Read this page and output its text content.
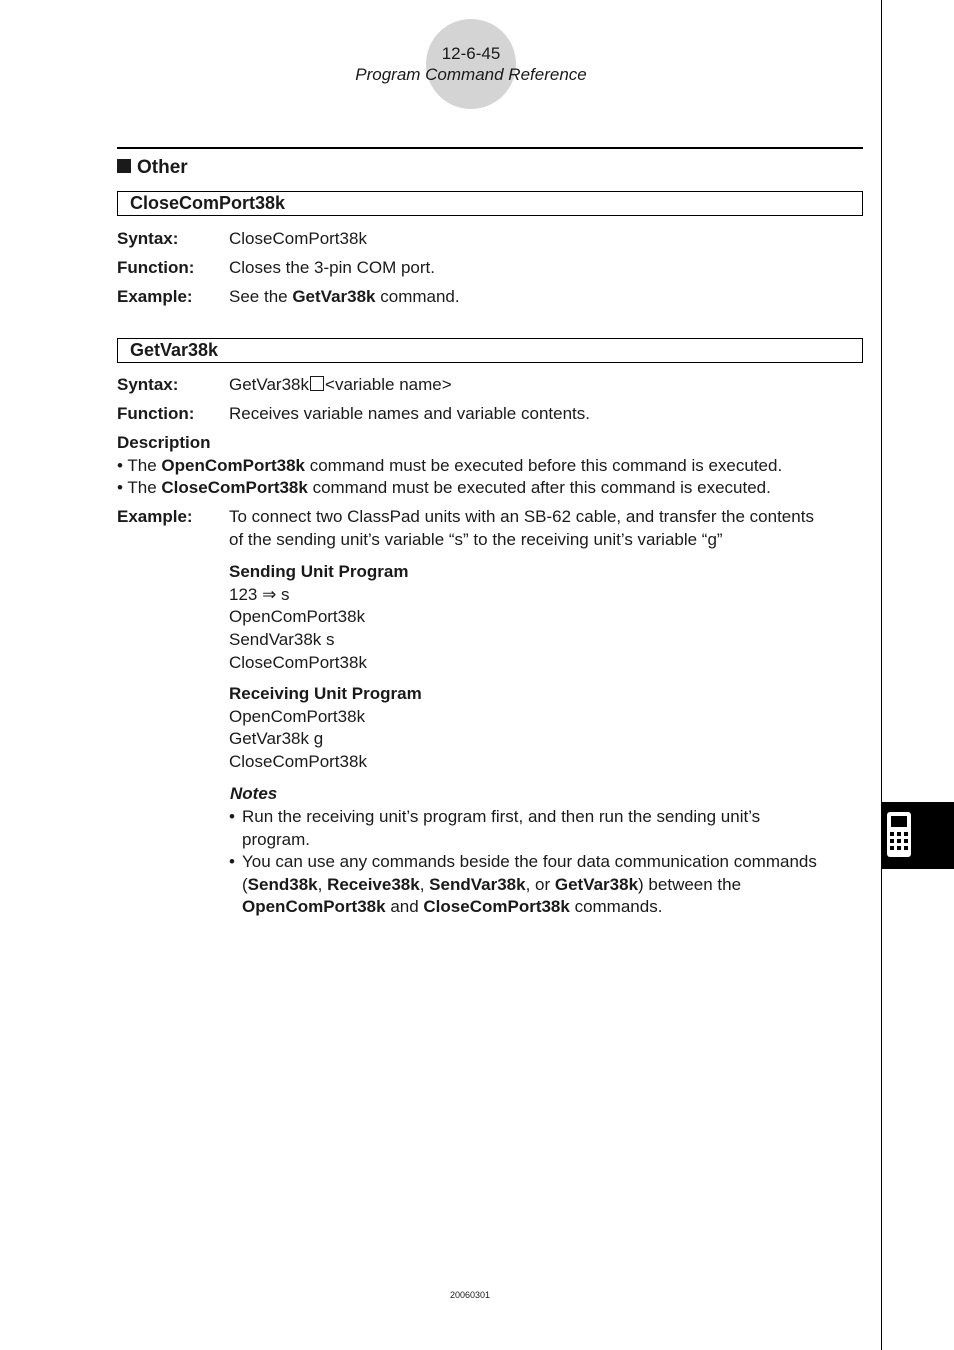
12-6-45
Program Command Reference
Other
CloseComPort38k
Syntax:	CloseComPort38k
Function: Closes the 3-pin COM port.
Example: See the GetVar38k command.
GetVar38k
Syntax:	GetVar38k <variable name>
Function: Receives variable names and variable contents.
Description
• The OpenComPort38k command must be executed before this command is executed.
• The CloseComPort38k command must be executed after this command is executed.
Example: To connect two ClassPad units with an SB-62 cable, and transfer the contents
of the sending unit’s variable “s” to the receiving unit’s variable “g”
Sending Unit Program
123 ⇒ s
OpenComPort38k
SendVar38k s
CloseComPort38k
Receiving Unit Program
OpenComPort38k
GetVar38k g
CloseComPort38k
Notes
• Run the receiving unit’s program first, and then run the sending unit’s
program.
• You can use any commands beside the four data communication commands
(Send38k, Receive38k, SendVar38k, or GetVar38k) between the
OpenComPort38k and CloseComPort38k commands.
20060301
